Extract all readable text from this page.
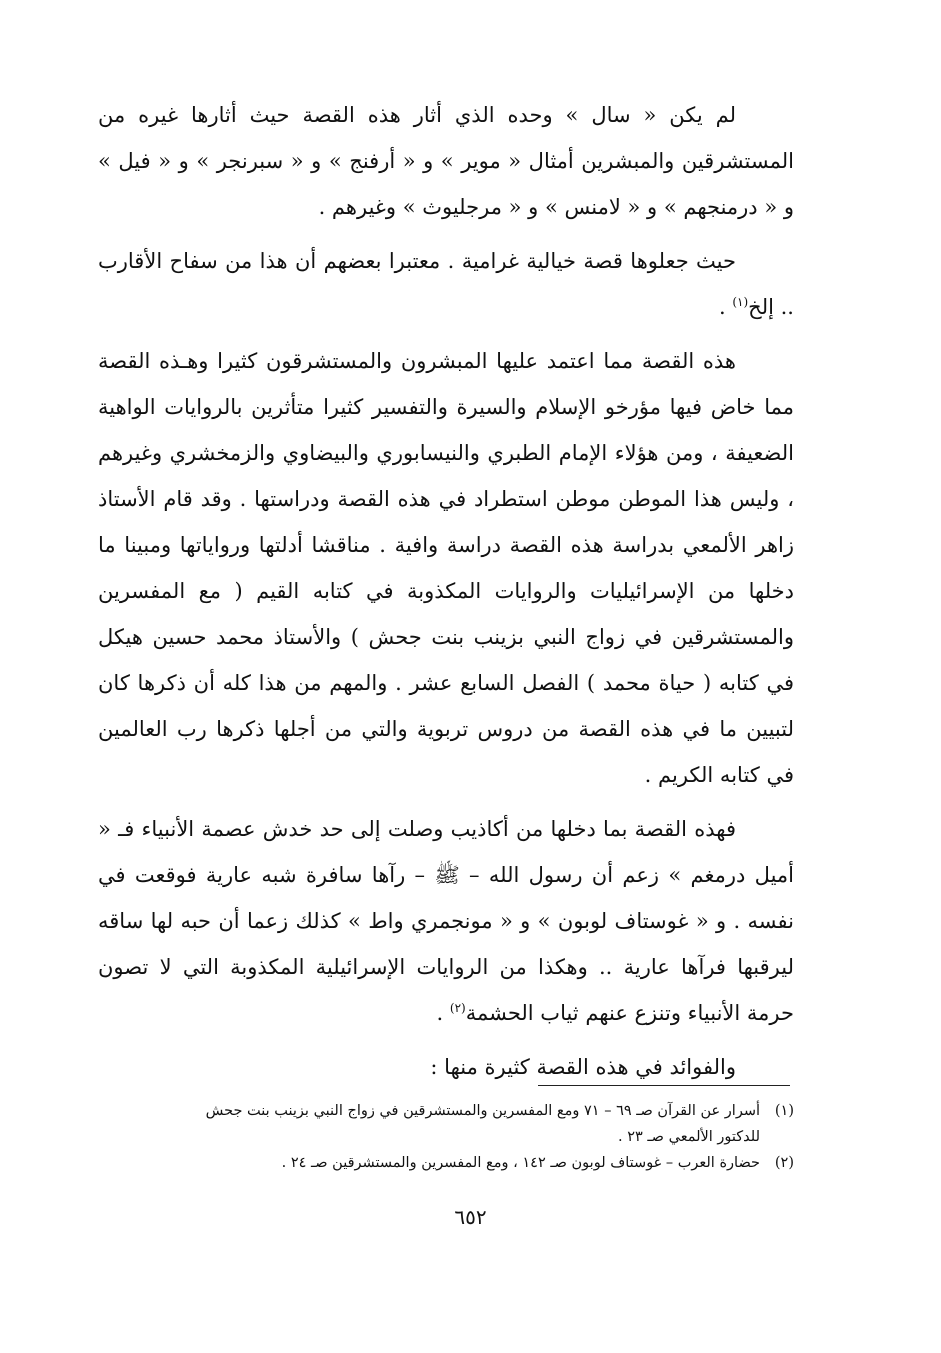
لم يكن « سال » وحده الذي أثار هذه القصة حيث أثارها غيره من المستشرقين والمبشرين أمثال « موير » و « أرفنج » و « سبرنجر » و « فيل » و « درمنجهم » و « لامنس » و « مرجليوث » وغيرهم .

حيث جعلوها قصة خيالية غرامية . معتبرا بعضهم أن هذا من سفاح الأقارب .. إلخ$^{(١)}$ .

هذه القصة مما اعتمد عليها المبشرون والمستشرقون كثيرا وهـذه القصة مما خاض فيها مؤرخو الإسلام والسيرة والتفسير كثيرا متأثرين بالروايات الواهية الضعيفة ، ومن هؤلاء الإمام الطبري والنيسابوري والبيضاوي والزمخشري وغيرهم ، وليس هذا الموطن موطن استطراد في هذه القصة ودراستها . وقد قام الأستاذ زاهر الألمعي بدراسة هذه القصة دراسة وافية . مناقشا أدلتها ورواياتها ومبينا ما دخلها من الإسرائيليات والروايات المكذوبة في كتابه القيم ( مع المفسرين والمستشرقين في زواج النبي بزينب بنت جحش ) والأستاذ محمد حسين هيكل في كتابه ( حياة محمد ) الفصل السابع عشر . والمهم من هذا كله أن ذكرها كان لتبيين ما في هذه القصة من دروس تربوية والتي من أجلها ذكرها رب العالمين في كتابه الكريم .

فهذه القصة بما دخلها من أكاذيب وصلت إلى حد خدش عصمة الأنبياء فـ « أميل درمغم » زعم أن رسول الله – ﷺ – رآها سافرة شبه عارية فوقعت في نفسه . و « غوستاف لوبون » و « مونجمري واط » كذلك زعما أن حبه لها ساقه ليرقبها فرآها عارية .. وهكذا من الروايات الإسرائيلية المكذوبة التي لا تصون حرمة الأنبياء وتنزع عنهم ثياب الحشمة$^{(٢)}$ .

والفوائد في هذه القصة كثيرة منها :

(١)أسرار عن القرآن صـ ٦٩ – ٧١ ومع المفسرين والمستشرقين في زواج النبي بزينب بنت جحش

للدكتور الألمعي صـ ٢٣ .

(٢)حضارة العرب – غوستاف لوبون صـ ١٤٢ ، ومع المفسرين والمستشرقين صـ ٢٤ .

٦٥٢
